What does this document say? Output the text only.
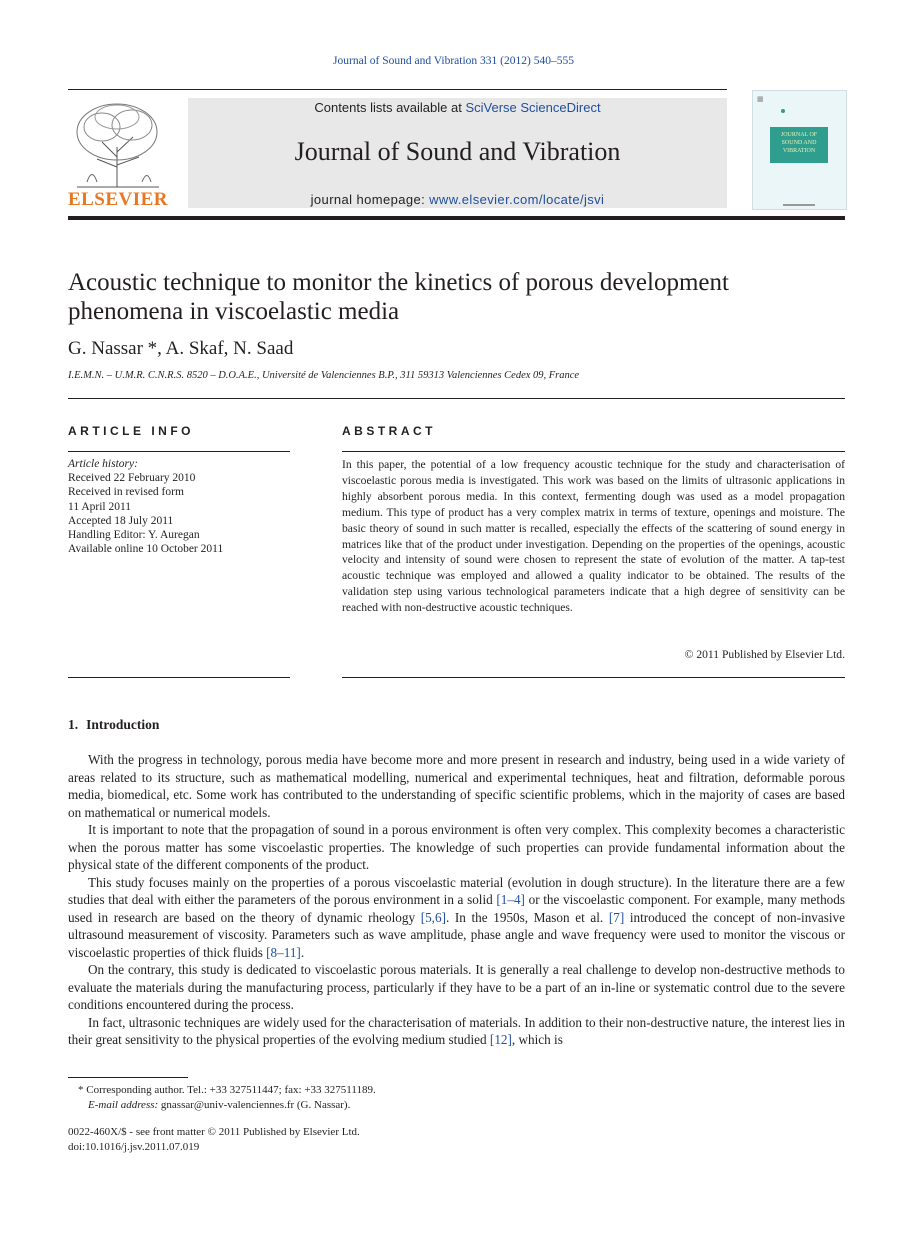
Journal of Sound and Vibration 331 (2012) 540–555
ELSEVIER
Contents lists available at SciVerse ScienceDirect
Journal of Sound and Vibration
journal homepage: www.elsevier.com/locate/jsvi
▦
JOURNAL OF SOUND AND VIBRATION
Acoustic technique to monitor the kinetics of porous development phenomena in viscoelastic media
G. Nassar *, A. Skaf, N. Saad
I.E.M.N. – U.M.R. C.N.R.S. 8520 – D.O.A.E., Université de Valenciennes B.P., 311 59313 Valenciennes Cedex 09, France
ARTICLE INFO	ABSTRACT
Article history:
Received 22 February 2010
Received in revised form
11 April 2011
Accepted 18 July 2011
Handling Editor: Y. Auregan
Available online 10 October 2011
In this paper, the potential of a low frequency acoustic technique for the study and characterisation of viscoelastic porous media is investigated. This work was based on the limits of ultrasonic applications in highly absorbent porous media. In this context, fermenting dough was used as a model propagation medium. This type of product has a very complex matrix in terms of texture, openings and moisture. The basic theory of sound in such matter is recalled, especially the effects of the scattering of sound energy in matrices like that of the product under investigation. Depending on the properties of the openings, acoustic velocity and intensity of sound were chosen to represent the state of evolution of the matter. A tap-test acoustic technique was employed and allowed a quality indicator to be obtained. The results of the validation step using various technological parameters indicate that a high degree of sensitivity can be reached with non-destructive acoustic techniques.
© 2011 Published by Elsevier Ltd.
1. Introduction

With the progress in technology, porous media have become more and more present in research and industry, being used in a wide variety of areas related to its structure, such as mathematical modelling, numerical and experimental techniques, heat and filtration, deformable porous media, biomedical, etc. Some work has contributed to the understanding of specific scientific problems, which in the majority of cases are based on mathematical or numerical models.

It is important to note that the propagation of sound in a porous environment is often very complex. This complexity becomes a characteristic when the porous matter has some viscoelastic properties. The knowledge of such properties can provide fundamental information about the physical state of the different components of the product.

This study focuses mainly on the properties of a porous viscoelastic material (evolution in dough structure). In the literature there are a few studies that deal with either the parameters of the porous environment in a solid [1–4] or the viscoelastic component. For example, many methods used in research are based on the theory of dynamic rheology [5,6]. In the 1950s, Mason et al. [7] introduced the concept of non-invasive ultrasound measurement of viscosity. Parameters such as wave amplitude, phase angle and wave frequency were used to monitor the viscous or viscoelastic properties of thick fluids [8–11].

On the contrary, this study is dedicated to viscoelastic porous materials. It is generally a real challenge to develop non-destructive methods to evaluate the materials during the manufacturing process, particularly if they have to be a part of an in-line or systematic control due to the severe conditions encountered during the process.

In fact, ultrasonic techniques are widely used for the characterisation of materials. In addition to their non-destructive nature, the interest lies in their great sensitivity to the physical properties of the evolving medium studied [12], which is

* Corresponding author. Tel.: +33 327511447; fax: +33 327511189.
E-mail address: gnassar@univ-valenciennes.fr (G. Nassar).
0022-460X/$ - see front matter © 2011 Published by Elsevier Ltd.
doi:10.1016/j.jsv.2011.07.019
